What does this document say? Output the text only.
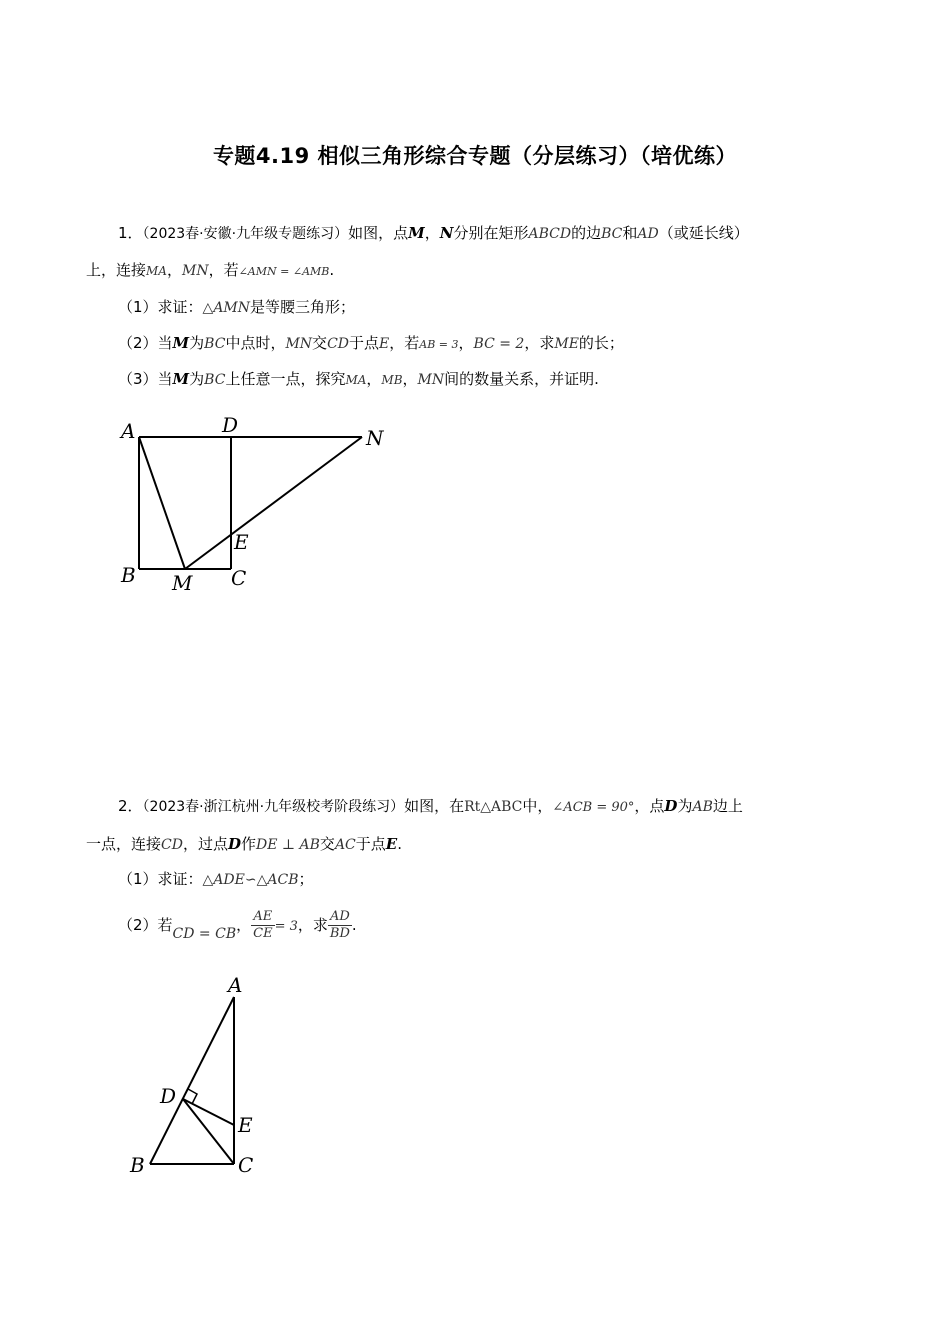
专题4.19 相似三角形综合专题（分层练习）（培优练）
1．（2023春·安徽·九年级专题练习）如图，点M，N分别在矩形ABCD的边BC和AD（或延长线）
上，连接MA，MN，若∠AMN = ∠AMB.
（1）求证：△AMN是等腰三角形；
（2）当M为BC中点时，MN交CD于点E，若AB = 3，BC = 2，求ME的长；
（3）当M为BC上任意一点，探究MA，MB，MN间的数量关系，并证明.
A	D
N
E
B M C
2．（2023春·浙江杭州·九年级校考阶段练习）如图，在Rt△ABC中，∠ACB = 90°，点D为AB边上
一点，连接CD，过点D作DE ⊥ AB交AC于点E.
（1）求证：△ADE∽△ACB；
（2）若CD = CB， $\frac{AE}{CE} = 3$，求 $\frac{AD}{BD}$ .
A
D
E
B	C
